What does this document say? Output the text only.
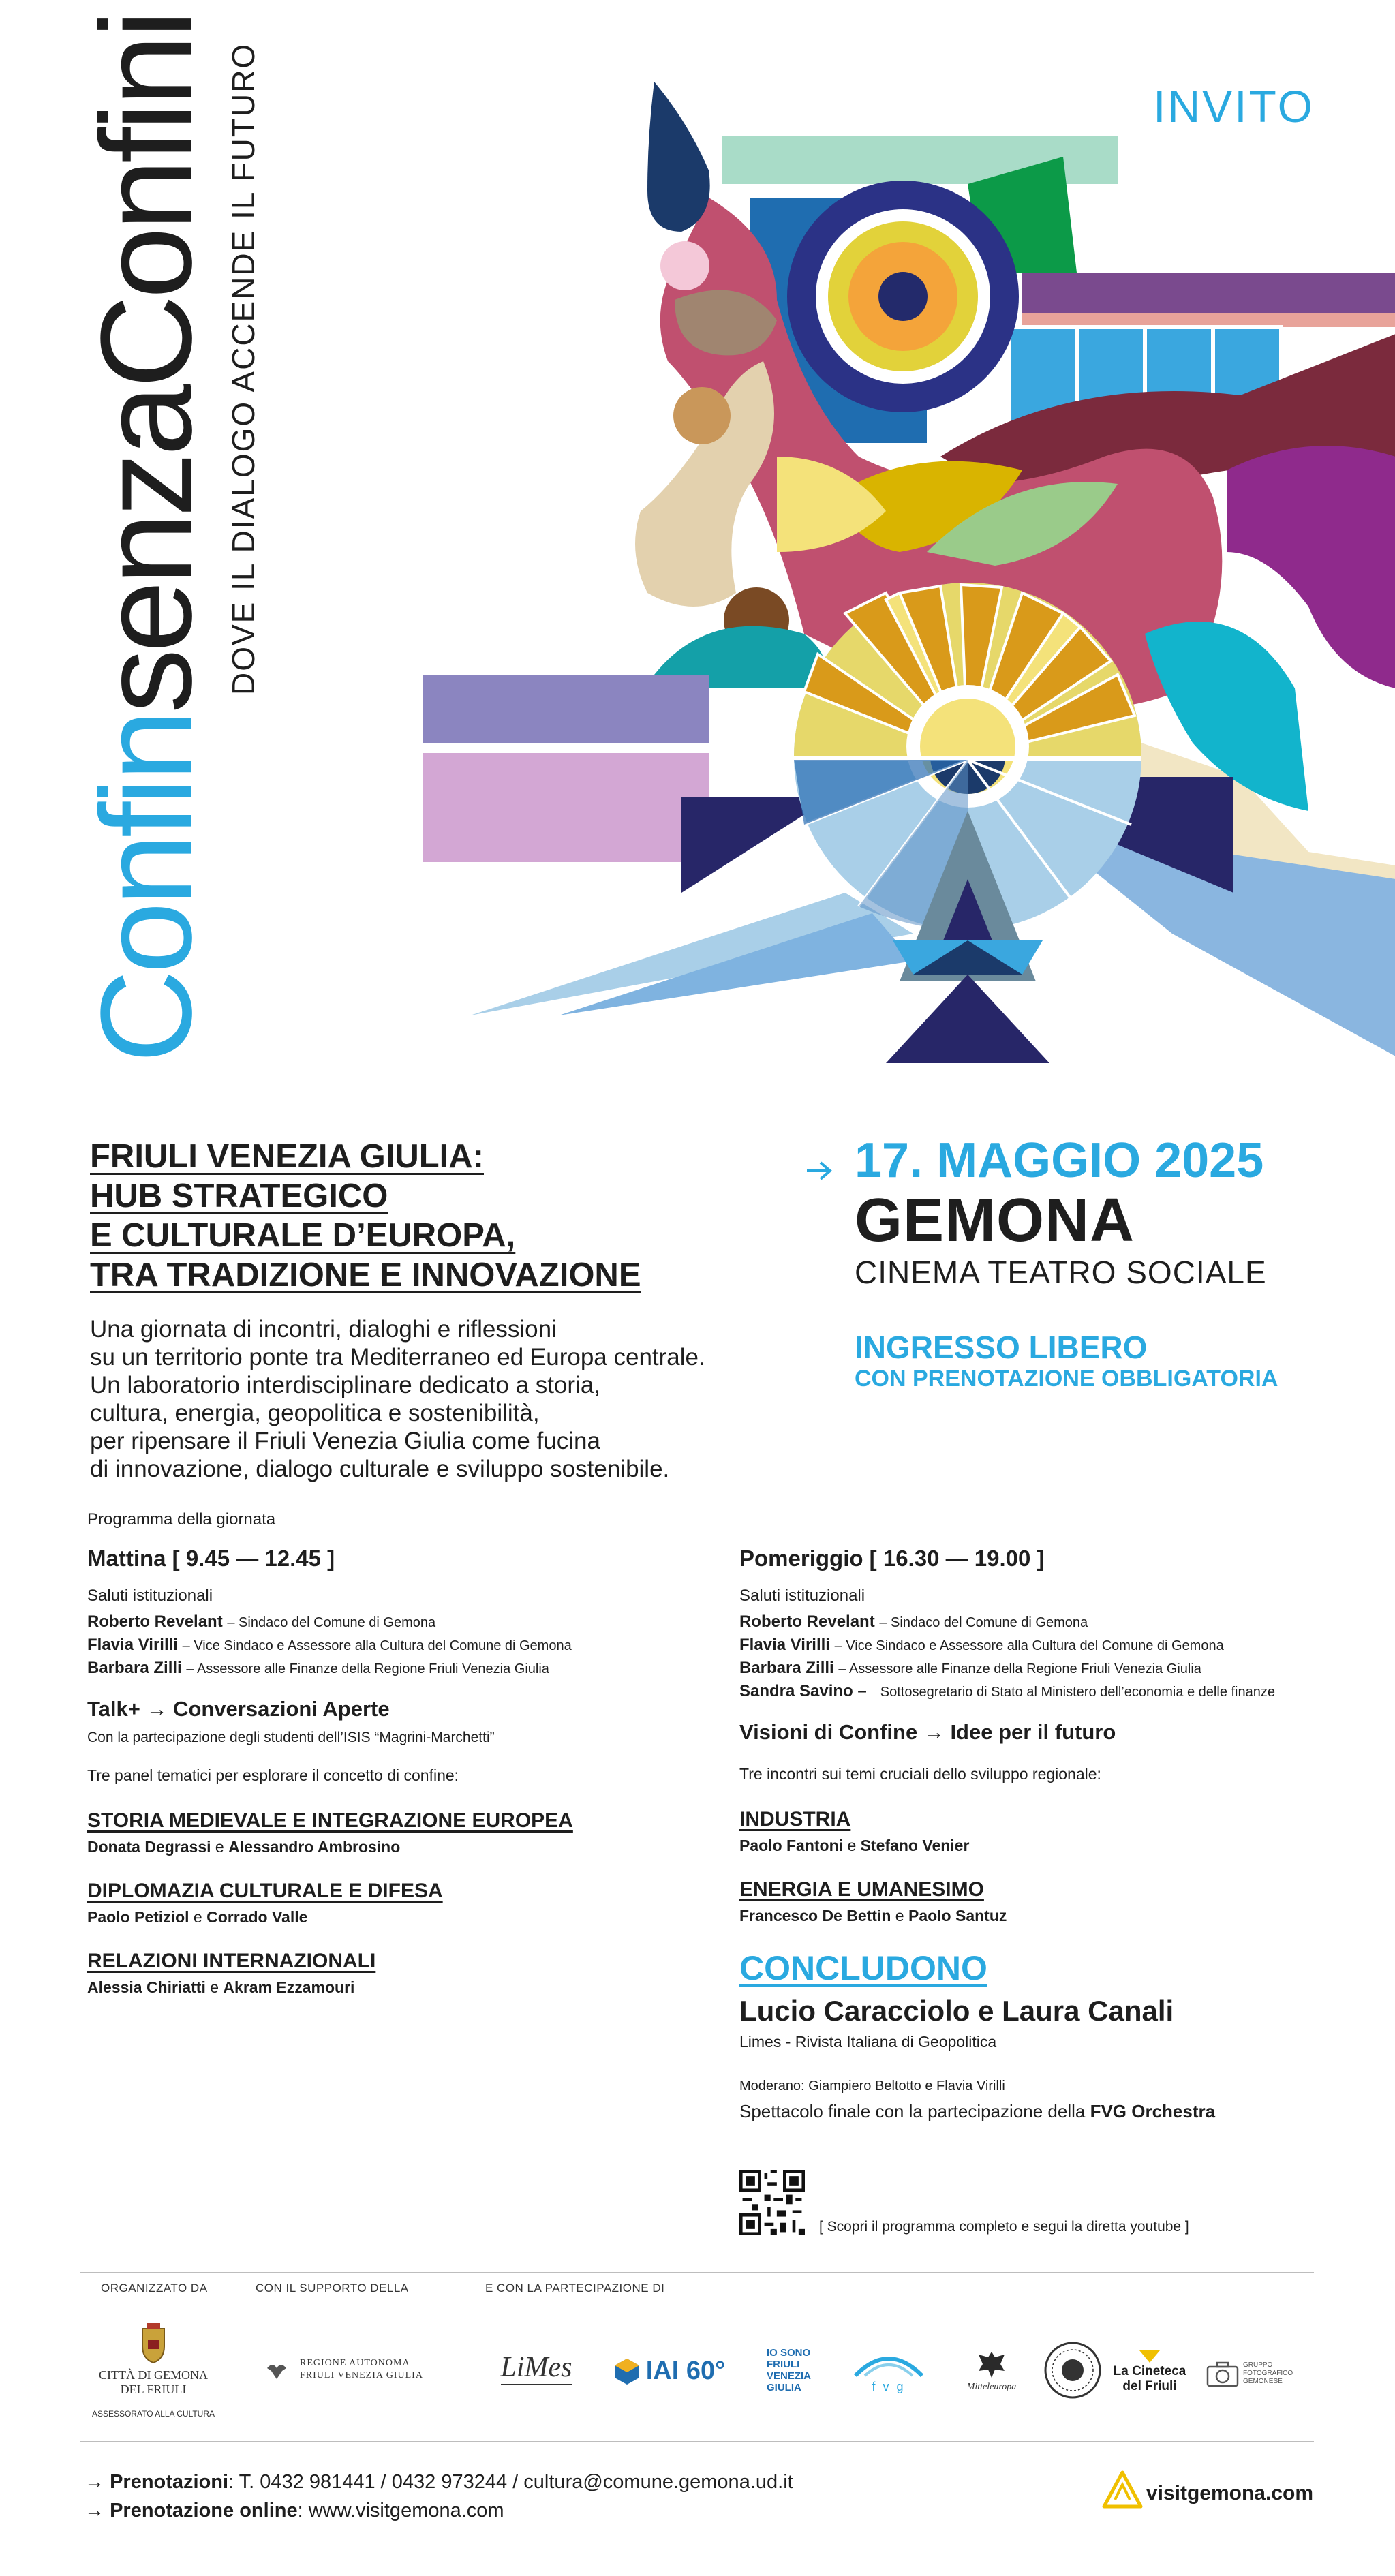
ConfinsenzaConfini DOVE IL DIALOGO ACCENDE IL FUTURO	INVITO
FRIULI VENEZIA GIULIA:
HUB STRATEGICO
E CULTURALE D’EUROPA,
TRA TRADIZIONE E INNOVAZIONE
Una giornata di incontri, dialoghi e riflessioni
su un territorio ponte tra Mediterraneo ed Europa centrale.
Un laboratorio interdisciplinare dedicato a storia,
cultura, energia, geopolitica e sostenibilità,
per ripensare il Friuli Venezia Giulia come fucina
di innovazione, dialogo culturale e sviluppo sostenibile.
17. MAGGIO 2025
GEMONA
CINEMA TEATRO SOCIALE
INGRESSO LIBERO
CON PRENOTAZIONE OBBLIGATORIA
Programma della giornata
Mattina [ 9.45 — 12.45 ]
Saluti istituzionali
Roberto Revelant – Sindaco del Comune di Gemona
Flavia Virilli – Vice Sindaco e Assessore alla Cultura del Comune di Gemona
Barbara Zilli – Assessore alle Finanze della Regione Friuli Venezia Giulia
Talk+ → Conversazioni Aperte
Con la partecipazione degli studenti dell’ISIS “Magrini-Marchetti”
Tre panel tematici per esplorare il concetto di confine:
STORIA MEDIEVALE E INTEGRAZIONE EUROPEA
Donata Degrassi e Alessandro Ambrosino
DIPLOMAZIA CULTURALE E DIFESA
Paolo Petiziol e Corrado Valle
RELAZIONI INTERNAZIONALI
Alessia Chiriatti e Akram Ezzamouri
Pomeriggio [ 16.30 — 19.00 ]
Saluti istituzionali
Roberto Revelant – Sindaco del Comune di Gemona
Flavia Virilli – Vice Sindaco e Assessore alla Cultura del Comune di Gemona
Barbara Zilli – Assessore alle Finanze della Regione Friuli Venezia Giulia
Sandra Savino – Sottosegretario di Stato al Ministero dell’economia e delle finanze
Visioni di Confine → Idee per il futuro
Tre incontri sui temi cruciali dello sviluppo regionale:
INDUSTRIA
Paolo Fantoni e Stefano Venier
ENERGIA E UMANESIMO
Francesco De Bettin e Paolo Santuz
CONCLUDONO
Lucio Caracciolo e Laura Canali
Limes - Rivista Italiana di Geopolitica
Moderano: Giampiero Beltotto e Flavia Virilli
Spettacolo finale con la partecipazione della FVG Orchestra
[ Scopri il programma completo e segui la diretta youtube ]
ORGANIZZATO DA	CON IL SUPPORTO DELLA	E CON LA PARTECIPAZIONE DI
CITTÀ DI GEMONA
DEL FRIULI
ASSESSORATO ALLA CULTURA
REGIONE AUTONOMA
FRIULI VENEZIA GIULIA	LiMes	IAI 60°
IO SONO
FRIULI
VENEZIA
GIULIA	f v g	Mitteleuropa
La Cineteca
del Friuli
GRUPPO
FOTOGRAFICO
GEMONESE
→ Prenotazioni: T. 0432 981441 / 0432 973244 / cultura@comune.gemona.ud.it
→ Prenotazione online: www.visitgemona.com
visitgemona.com
